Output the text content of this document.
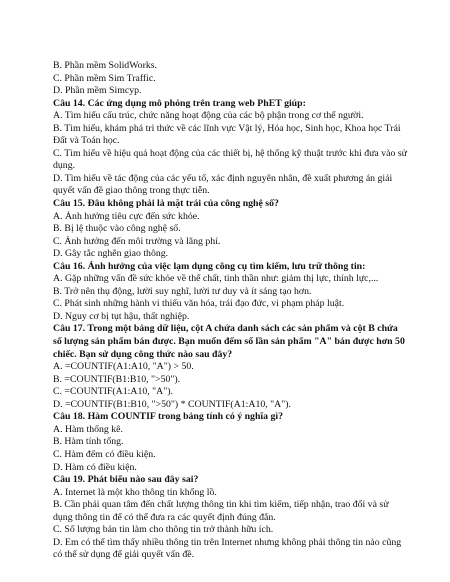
B. Phần mềm SolidWorks.

C. Phần mềm Sim Traffic.

D. Phần mềm Simcyp.

Câu 14. Các ứng dụng mô phỏng trên trang web PhET giúp:

A. Tìm hiểu cấu trúc, chức năng hoạt động của các bộ phận trong cơ thể người.

B. Tìm hiểu, khám phá tri thức về các lĩnh vực Vật lý, Hóa học, Sinh học, Khoa học Trái Đất và Toán học.

C. Tìm hiểu về hiệu quả hoạt động của các thiết bị, hệ thống kỹ thuật trước khi đưa vào sử dụng.

D. Tìm hiểu về tác động của các yếu tố, xác định nguyên nhân, đề xuất phương án giải quyết vấn đề giao thông trong thực tiễn.

Câu 15. Đâu không phải là mặt trái của công nghệ số?

A. Ảnh hưởng tiêu cực đến sức khỏe.

B. Bị lệ thuộc vào công nghệ số.

C. Ảnh hưởng đến môi trường và lãng phí.

D. Gây tắc nghẽn giao thông.

Câu 16. Ảnh hưởng của việc lạm dụng công cụ tìm kiếm, lưu trữ thông tin:

A. Gặp những vấn đề sức khỏe về thể chất, tinh thần như: giảm thị lực, thính lực,...

B. Trở nên thụ động, lười suy nghĩ, lười tư duy và ít sáng tạo hơn.

C. Phát sinh những hành vi thiếu văn hóa, trái đạo đức, vi phạm pháp luật.

D. Nguy cơ bị tụt hậu, thất nghiệp.

Câu 17. Trong một bảng dữ liệu, cột A chứa danh sách các sản phẩm và cột B chứa số lượng sản phẩm bán được. Bạn muốn đếm số lần sản phẩm "A" bán được hơn 50 chiếc. Bạn sử dụng công thức nào sau đây?

A. =COUNTIF(A1:A10, "A") > 50.

B. =COUNTIF(B1:B10, ">50").

C. =COUNTIF(A1:A10, "A").

D. =COUNTIF(B1:B10, ">50") * COUNTIF(A1:A10, "A").

Câu 18. Hàm COUNTIF trong bảng tính có ý nghĩa gì?

A. Hàm thống kê.

B. Hàm tính tổng.

C. Hàm đếm có điều kiện.

D. Hàm có điều kiện.

Câu 19. Phát biểu nào sau đây sai?

A. Internet là một kho thông tin khổng lồ.

B. Cần phải quan tâm đến chất lượng thông tin khi tìm kiếm, tiếp nhận, trao đổi và sử dụng thông tin để có thể đưa ra các quyết định đúng đắn.

C. Số lượng bản tin làm cho thông tin trở thành hữu ích.

D. Em có thể tìm thấy nhiều thông tin trên Internet nhưng không phải thông tin nào cũng có thể sử dụng để giải quyết vấn đề.
